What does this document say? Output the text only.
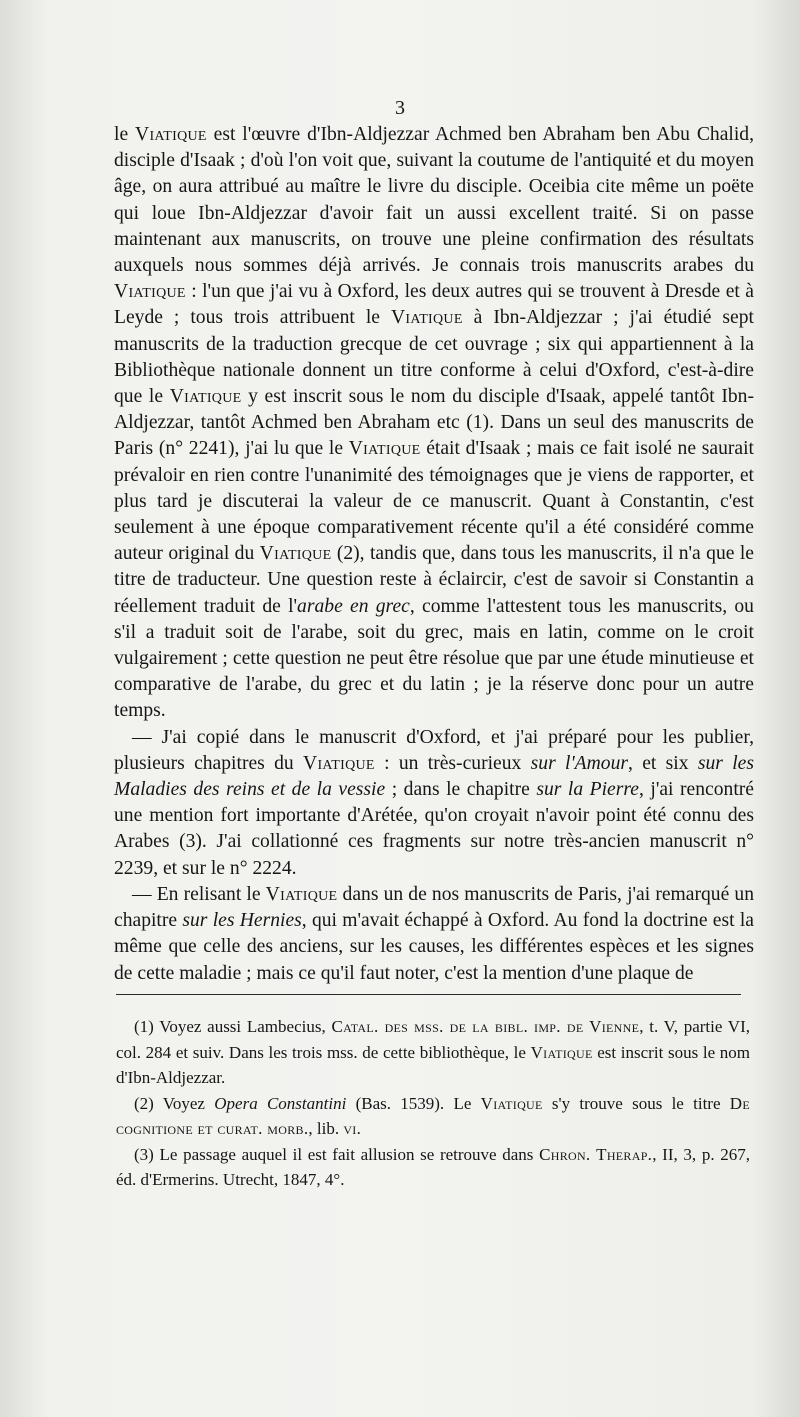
3

le Viatique est l'œuvre d'Ibn-Aldjezzar Achmed ben Abraham ben Abu Chalid, disciple d'Isaak ; d'où l'on voit que, suivant la coutume de l'antiquité et du moyen âge, on aura attribué au maître le livre du disciple. Oceibia cite même un poëte qui loue Ibn-Aldjezzar d'avoir fait un aussi excellent traité. Si on passe maintenant aux manuscrits, on trouve une pleine confirmation des résultats auxquels nous sommes déjà arrivés. Je connais trois manuscrits arabes du Viatique : l'un que j'ai vu à Oxford, les deux autres qui se trouvent à Dresde et à Leyde ; tous trois attribuent le Viatique à Ibn-Aldjezzar ; j'ai étudié sept manuscrits de la traduction grecque de cet ouvrage ; six qui appartiennent à la Bibliothèque nationale donnent un titre conforme à celui d'Oxford, c'est-à-dire que le Viatique y est inscrit sous le nom du disciple d'Isaak, appelé tantôt Ibn-Aldjezzar, tantôt Achmed ben Abraham etc (1). Dans un seul des manuscrits de Paris (n° 2241), j'ai lu que le Viatique était d'Isaak ; mais ce fait isolé ne saurait prévaloir en rien contre l'unanimité des témoignages que je viens de rapporter, et plus tard je discuterai la valeur de ce manuscrit. Quant à Constantin, c'est seulement à une époque comparativement récente qu'il a été considéré comme auteur original du Viatique (2), tandis que, dans tous les manuscrits, il n'a que le titre de traducteur. Une question reste à éclaircir, c'est de savoir si Constantin a réellement traduit de l'arabe en grec, comme l'attestent tous les manuscrits, ou s'il a traduit soit de l'arabe, soit du grec, mais en latin, comme on le croit vulgairement ; cette question ne peut être résolue que par une étude minutieuse et comparative de l'arabe, du grec et du latin ; je la réserve donc pour un autre temps.

— J'ai copié dans le manuscrit d'Oxford, et j'ai préparé pour les publier, plusieurs chapitres du Viatique : un très-curieux sur l'Amour, et six sur les Maladies des reins et de la vessie ; dans le chapitre sur la Pierre, j'ai rencontré une mention fort importante d'Arétée, qu'on croyait n'avoir point été connu des Arabes (3). J'ai collationné ces fragments sur notre très-ancien manuscrit n° 2239, et sur le n° 2224.

— En relisant le Viatique dans un de nos manuscrits de Paris, j'ai remarqué un chapitre sur les Hernies, qui m'avait échappé à Oxford. Au fond la doctrine est la même que celle des anciens, sur les causes, les différentes espèces et les signes de cette maladie ; mais ce qu'il faut noter, c'est la mention d'une plaque de

(1) Voyez aussi Lambecius, Catal. des mss. de la bibl. imp. de Vienne, t. V, partie VI, col. 284 et suiv. Dans les trois mss. de cette bibliothèque, le Viatique est inscrit sous le nom d'Ibn-Aldjezzar.

(2) Voyez Opera Constantini (Bas. 1539). Le Viatique s'y trouve sous le titre De cognitione et curat. morb., lib. vi.

(3) Le passage auquel il est fait allusion se retrouve dans Chron. Therap., II, 3, p. 267, éd. d'Ermerins. Utrecht, 1847, 4°.
